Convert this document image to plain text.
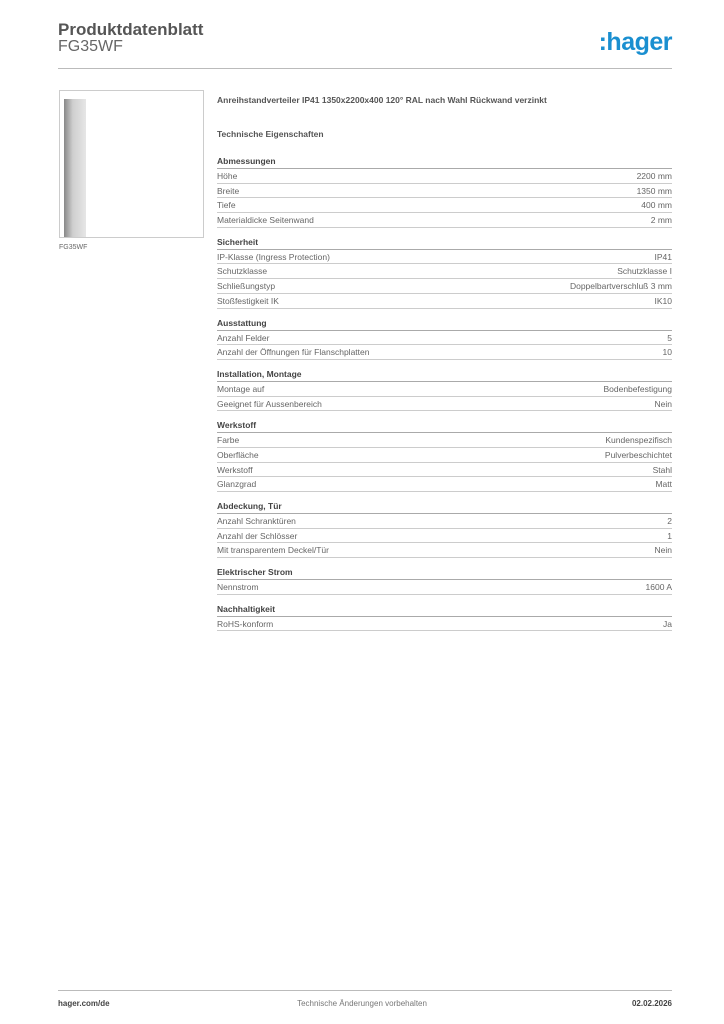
Produktdatenblatt
FG35WF	:hager
FG35WF
Anreihstandverteiler IP41 1350x2200x400 120° RAL nach Wahl Rückwand verzinkt
Technische Eigenschaften
Abmessungen
Höhe	2200 mm
Breite	1350 mm
Tiefe	400 mm
Materialdicke Seitenwand	2 mm
Sicherheit
IP-Klasse (Ingress Protection)	IP41
Schutzklasse	Schutzklasse I
Schließungstyp	Doppelbartverschluß 3 mm
Stoßfestigkeit IK	IK10
Ausstattung
Anzahl Felder	5
Anzahl der Öffnungen für Flanschplatten	10
Installation, Montage
Montage auf	Bodenbefestigung
Geeignet für Aussenbereich	Nein
Werkstoff
Farbe	Kundenspezifisch
Oberfläche	Pulverbeschichtet
Werkstoff	Stahl
Glanzgrad	Matt
Abdeckung, Tür
Anzahl Schranktüren	2
Anzahl der Schlösser	1
Mit transparentem Deckel/Tür	Nein
Elektrischer Strom
Nennstrom	1600 A
Nachhaltigkeit
RoHS-konform	Ja
hager.com/de	Technische Änderungen vorbehalten	02.02.2026
